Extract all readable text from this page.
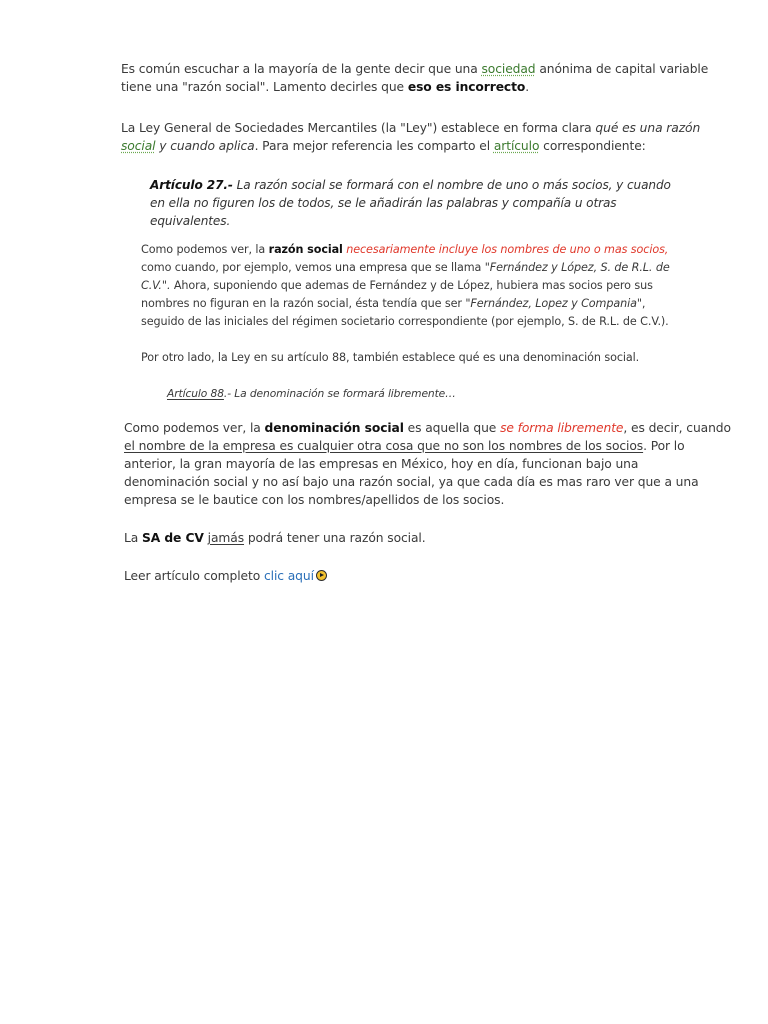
Es común escuchar a la mayoría de la gente decir que una sociedad anónima de capital variable
tiene una "razón social". Lamento decirles que eso es incorrecto.

La Ley General de Sociedades Mercantiles (la "Ley") establece en forma clara qué es una razón
social y cuando aplica. Para mejor referencia les comparto el artículo correspondiente:

Artículo 27.- La razón social se formará con el nombre de uno o más socios, y cuando
en ella no figuren los de todos, se le añadirán las palabras y compañía u otras
equivalentes.

Como podemos ver, la razón social necesariamente incluye los nombres de uno o mas socios,
como cuando, por ejemplo, vemos una empresa que se llama "Fernández y López, S. de R.L. de
C.V.". Ahora, suponiendo que ademas de Fernández y de López, hubiera mas socios pero sus
nombres no figuran en la razón social, ésta tendía que ser "Fernández, Lopez y Compania",
seguido de las iniciales del régimen societario correspondiente (por ejemplo, S. de R.L. de C.V.).

Por otro lado, la Ley en su artículo 88, también establece qué es una denominación social.

Artículo 88.- La denominación se formará libremente…

Como podemos ver, la denominación social es aquella que se forma libremente, es decir, cuando
el nombre de la empresa es cualquier otra cosa que no son los nombres de los socios. Por lo
anterior, la gran mayoría de las empresas en México, hoy en día, funcionan bajo una
denominación social y no así bajo una razón social, ya que cada día es mas raro ver que a una
empresa se le bautice con los nombres/apellidos de los socios.

La SA de CV jamás podrá tener una razón social.

Leer artículo completo clic aquí
